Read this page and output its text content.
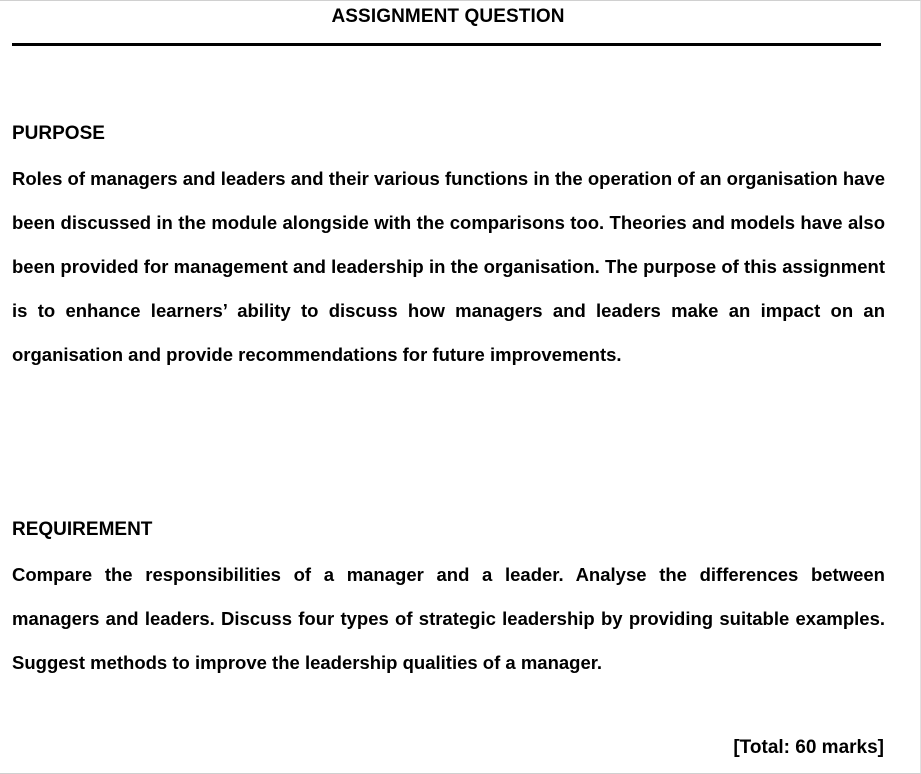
ASSIGNMENT QUESTION
PURPOSE
Roles of managers and leaders and their various functions in the operation of an organisation have been discussed in the module alongside with the comparisons too. Theories and models have also been provided for management and leadership in the organisation. The purpose of this assignment is to enhance learners’ ability to discuss how managers and leaders make an impact on an organisation and provide recommendations for future improvements.
REQUIREMENT
Compare the responsibilities of a manager and a leader. Analyse the differences between managers and leaders. Discuss four types of strategic leadership by providing suitable examples. Suggest methods to improve the leadership qualities of a manager.
[Total: 60 marks]
